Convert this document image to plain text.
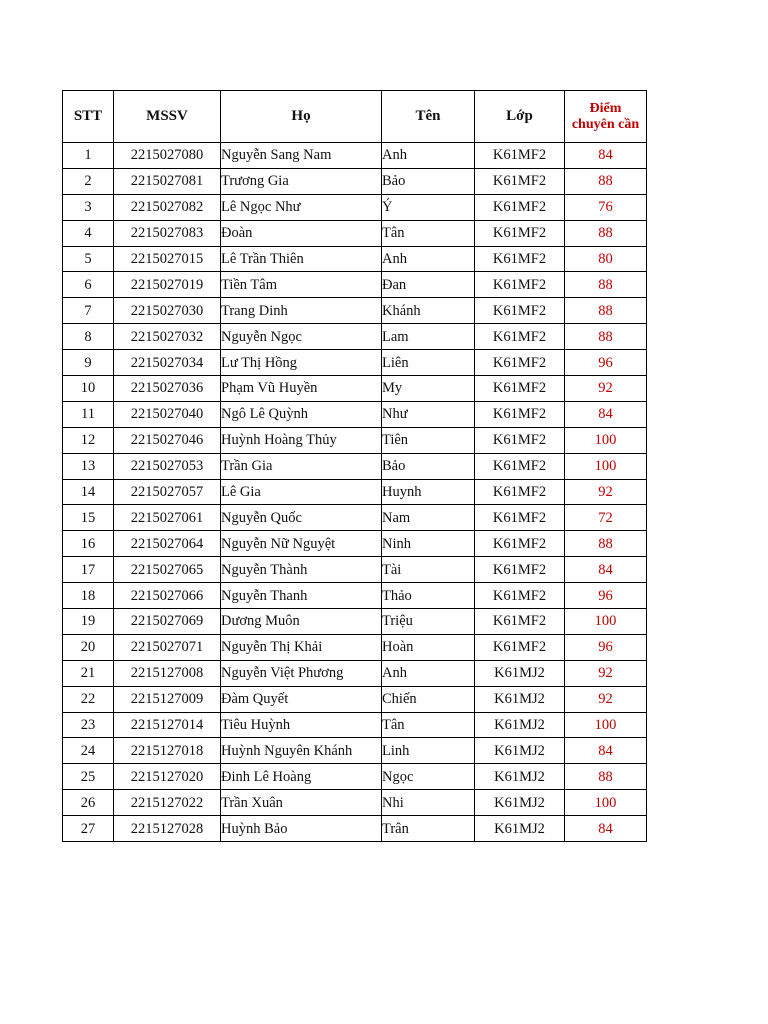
STT	MSSV	Họ	Tên	Lớp	Điểm
chuyên cần
1	2215027080	Nguyễn Sang Nam	Anh	K61MF2	84
2	2215027081	Trương Gia	Bảo	K61MF2	88
3	2215027082	Lê Ngọc Như	Ý	K61MF2	76
4	2215027083	Đoàn	Tân	K61MF2	88
5	2215027015	Lê Trần Thiên	Anh	K61MF2	80
6	2215027019	Tiền Tâm	Đan	K61MF2	88
7	2215027030	Trang Dinh	Khánh	K61MF2	88
8	2215027032	Nguyễn Ngọc	Lam	K61MF2	88
9	2215027034	Lư Thị Hồng	Liên	K61MF2	96
10	2215027036	Phạm Vũ Huyền	My	K61MF2	92
11	2215027040	Ngô Lê Quỳnh	Như	K61MF2	84
12	2215027046	Huỳnh Hoàng Thủy	Tiên	K61MF2	100
13	2215027053	Trần Gia	Bảo	K61MF2	100
14	2215027057	Lê Gia	Huynh	K61MF2	92
15	2215027061	Nguyễn Quốc	Nam	K61MF2	72
16	2215027064	Nguyễn Nữ Nguyệt	Ninh	K61MF2	88
17	2215027065	Nguyễn Thành	Tài	K61MF2	84
18	2215027066	Nguyễn Thanh	Thảo	K61MF2	96
19	2215027069	Dương Muôn	Triệu	K61MF2	100
20	2215027071	Nguyễn Thị Khải	Hoàn	K61MF2	96
21	2215127008	Nguyễn Việt Phương	Anh	K61MJ2	92
22	2215127009	Đàm Quyết	Chiến	K61MJ2	92
23	2215127014	Tiêu Huỳnh	Tân	K61MJ2	100
24	2215127018	Huỳnh Nguyên Khánh	Linh	K61MJ2	84
25	2215127020	Đinh Lê Hoàng	Ngọc	K61MJ2	88
26	2215127022	Trần Xuân	Nhi	K61MJ2	100
27	2215127028	Huỳnh Bảo	Trân	K61MJ2	84
